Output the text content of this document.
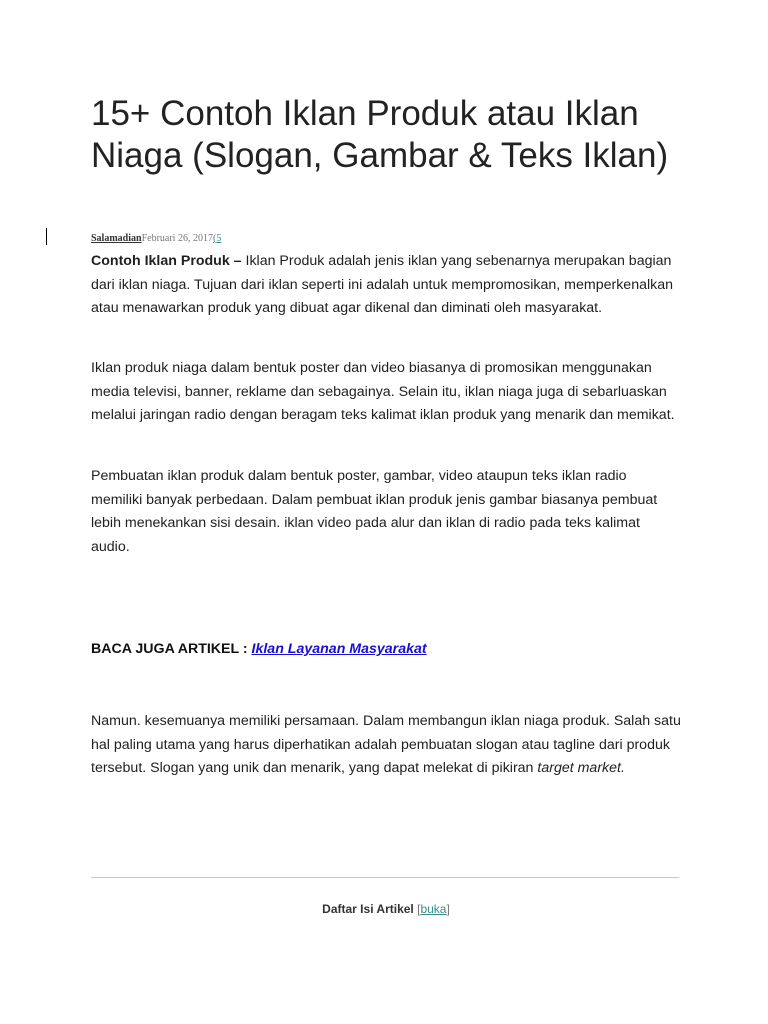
15+ Contoh Iklan Produk atau Iklan Niaga (Slogan, Gambar & Teks Iklan)
SalamadianFebruari 26, 2017(5

Contoh Iklan Produk – Iklan Produk adalah jenis iklan yang sebenarnya merupakan bagian dari iklan niaga. Tujuan dari iklan seperti ini adalah untuk mempromosikan, memperkenalkan atau menawarkan produk yang dibuat agar dikenal dan diminati oleh masyarakat.

Iklan produk niaga dalam bentuk poster dan video biasanya di promosikan menggunakan media televisi, banner, reklame dan sebagainya. Selain itu, iklan niaga juga di sebarluaskan melalui jaringan radio dengan beragam teks kalimat iklan produk yang menarik dan memikat.

Pembuatan iklan produk dalam bentuk poster, gambar, video ataupun teks iklan radio memiliki banyak perbedaan. Dalam pembuat iklan produk jenis gambar biasanya pembuat lebih menekankan sisi desain. iklan video pada alur dan iklan di radio pada teks kalimat audio.

BACA JUGA ARTIKEL : Iklan Layanan Masyarakat

Namun. kesemuanya memiliki persamaan. Dalam membangun iklan niaga produk. Salah satu hal paling utama yang harus diperhatikan adalah pembuatan slogan atau tagline dari produk tersebut. Slogan yang unik dan menarik, yang dapat melekat di pikiran target market.

Daftar Isi Artikel [buka]
